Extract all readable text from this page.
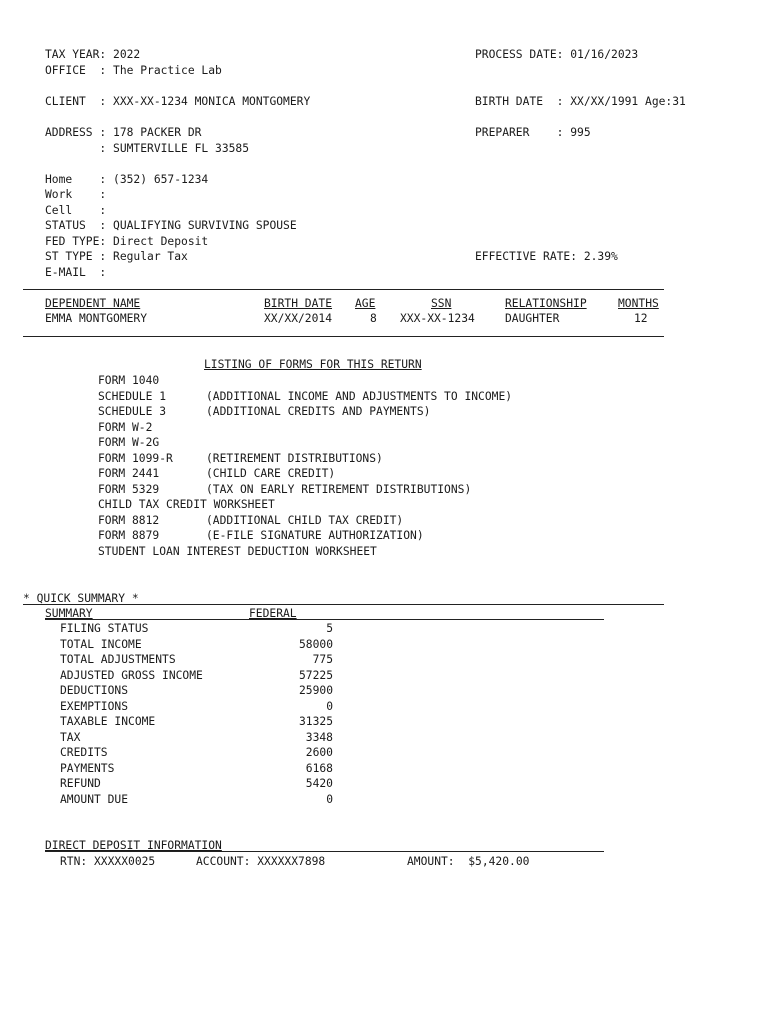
TAX YEAR: 2022	PROCESS DATE: 01/16/2023
OFFICE  : The Practice Lab
CLIENT  : XXX-XX-1234 MONICA MONTGOMERY	BIRTH DATE  : XX/XX/1991 Age:31
ADDRESS : 178 PACKER DR	PREPARER    : 995
: SUMTERVILLE FL 33585
Home    : (352) 657-1234
Work    :
Cell    :
STATUS  : QUALIFYING SURVIVING SPOUSE
FED TYPE: Direct Deposit
ST TYPE : Regular Tax	EFFECTIVE RATE: 2.39%
E-MAIL  :
DEPENDENT NAME	BIRTH DATE AGE	SSN	RELATIONSHIP	MONTHS
EMMA MONTGOMERY	XX/XX/2014	8 XXX-XX-1234	DAUGHTER	12
LISTING OF FORMS FOR THIS RETURN
FORM 1040
SCHEDULE 1	(ADDITIONAL INCOME AND ADJUSTMENTS TO INCOME)
SCHEDULE 3	(ADDITIONAL CREDITS AND PAYMENTS)
FORM W-2
FORM W-2G
FORM 1099-R	(RETIREMENT DISTRIBUTIONS)
FORM 2441	(CHILD CARE CREDIT)
FORM 5329	(TAX ON EARLY RETIREMENT DISTRIBUTIONS)
CHILD TAX CREDIT WORKSHEET
FORM 8812	(ADDITIONAL CHILD TAX CREDIT)
FORM 8879	(E-FILE SIGNATURE AUTHORIZATION)
STUDENT LOAN INTEREST DEDUCTION WORKSHEET
* QUICK SUMMARY *
SUMMARY	FEDERAL
FILING STATUS	5
TOTAL INCOME	58000
TOTAL ADJUSTMENTS	775
ADJUSTED GROSS INCOME	57225
DEDUCTIONS	25900
EXEMPTIONS	0
TAXABLE INCOME	31325
TAX	3348
CREDITS	2600
PAYMENTS	6168
REFUND	5420
AMOUNT DUE	0
DIRECT DEPOSIT INFORMATION
RTN: XXXXX0025	ACCOUNT: XXXXXX7898	AMOUNT:  $5,420.00
